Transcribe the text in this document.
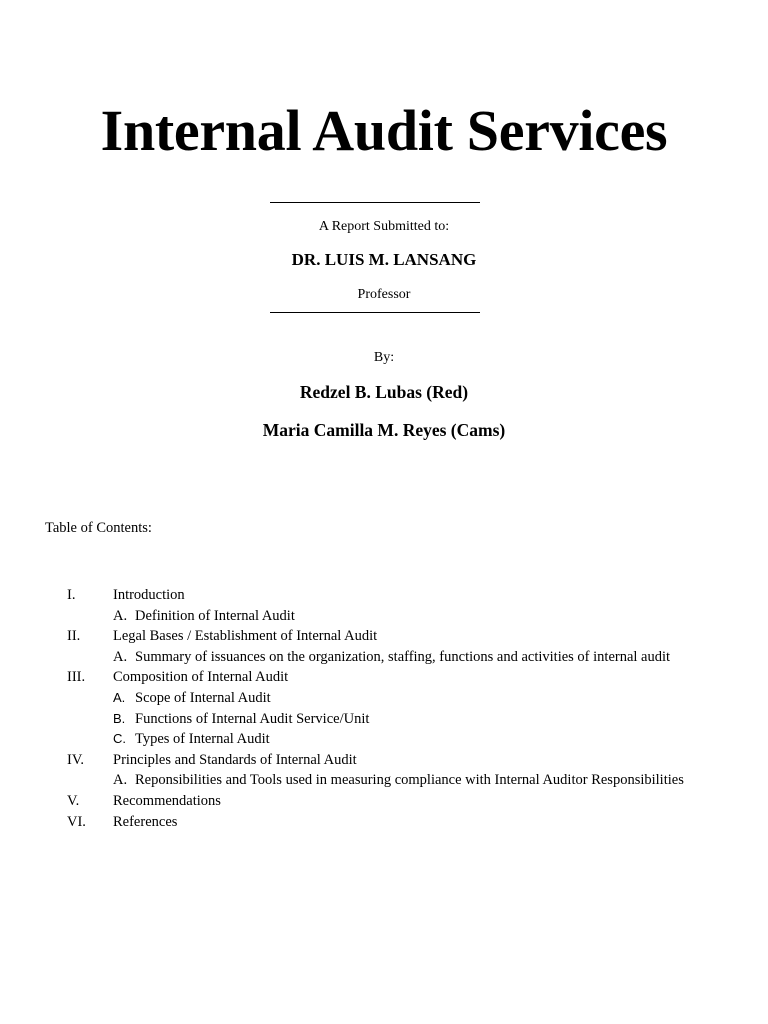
Internal Audit Services
A Report Submitted to:
DR. LUIS M. LANSANG
Professor
By:
Redzel B. Lubas (Red)
Maria Camilla M. Reyes (Cams)
Table of Contents:
I.	Introduction
A. Definition of Internal Audit
II. Legal Bases / Establishment of Internal Audit
A. Summary of issuances on the organization, staffing, functions and activities of internal audit
III. Composition of Internal Audit
A. Scope of Internal Audit
B. Functions of Internal Audit Service/Unit
C. Types of Internal Audit
IV. Principles and Standards of Internal Audit
A. Reponsibilities and Tools used in measuring compliance with Internal Auditor Responsibilities
V. Recommendations
VI. References
